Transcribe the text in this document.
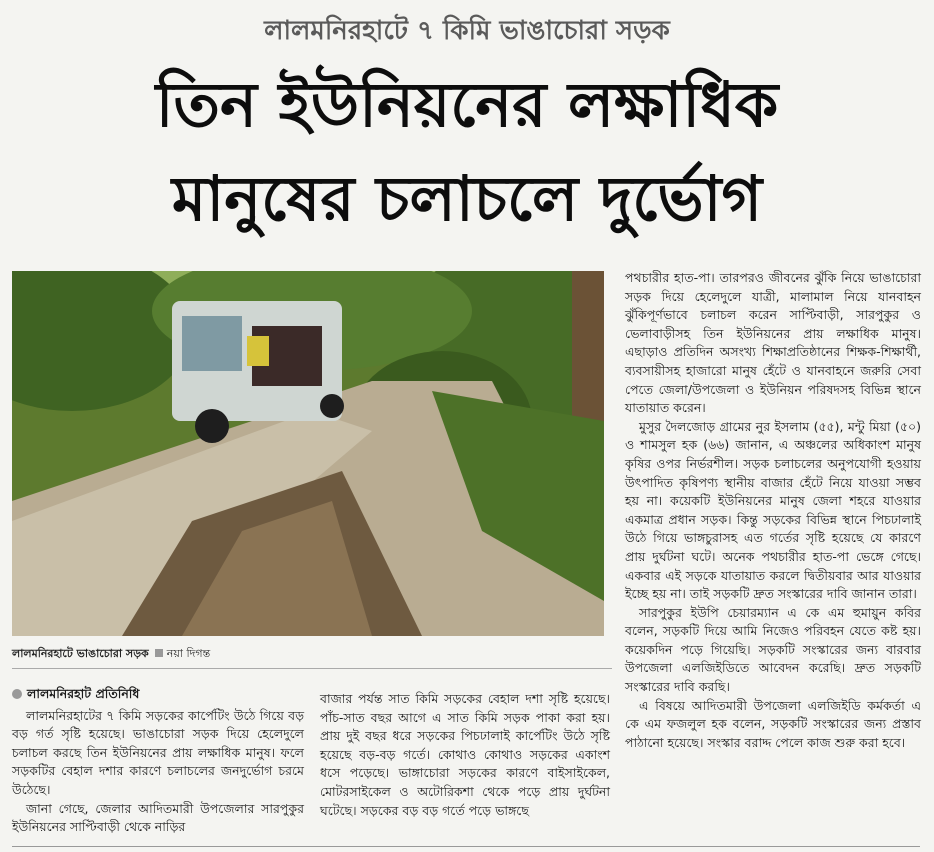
লালমনিরহাটে ৭ কিমি ভাঙাচোরা সড়ক
তিন ইউনিয়নের লক্ষাধিক
মানুষের চলাচলে দুর্ভোগ
লালমনিরহাটে ভাঙাচোরা সড়ক নয়া দিগন্ত
লালমনিরহাট প্রতিনিধি

লালমনিরহাটের ৭ কিমি সড়কের কার্পেটিং উঠে গিয়ে বড় বড় গর্ত সৃষ্টি হয়েছে। ভাঙাচোরা সড়ক দিয়ে হেলেদুলে চলাচল করছে তিন ইউনিয়নের প্রায় লক্ষাধিক মানুষ। ফলে সড়কটির বেহাল দশার কারণে চলাচলের জনদুর্ভোগ চরমে উঠেছে।

জানা গেছে, জেলার আদিতমারী উপজেলার সারপুকুর ইউনিয়নের সাপ্টিবাড়ী থেকে নাড়ির

বাজার পর্যন্ত সাত কিমি সড়কের বেহাল দশা সৃষ্টি হয়েছে। পাঁচ-সাত বছর আগে এ সাত কিমি সড়ক পাকা করা হয়। প্রায় দুই বছর ধরে সড়কের পিচঢালাই কার্পেটিং উঠে সৃষ্টি হয়েছে বড়-বড় গর্তে। কোথাও কোথাও সড়কের একাংশ ধসে পড়েছে। ভাঙ্গাচোরা সড়কের কারণে বাইসাইকেল, মোটরসাইকেল ও অটোরিকশা থেকে পড়ে প্রায় দুর্ঘটনা ঘটেছে। সড়কের বড় বড় গর্তে পড়ে ভাঙ্গছে

পথচারীর হাত-পা। তারপরও জীবনের ঝুঁকি নিয়ে ভাঙাচোরা সড়ক দিয়ে হেলেদুলে যাত্রী, মালামাল নিয়ে যানবাহন ঝুঁকিপূর্ণভাবে চলাচল করেন সাপ্টিবাড়ী, সারপুকুর ও ভেলাবাড়ীসহ তিন ইউনিয়নের প্রায় লক্ষাধিক মানুষ। এছাড়াও প্রতিদিন অসংখ্য শিক্ষাপ্রতিষ্ঠানের শিক্ষক-শিক্ষার্থী, ব্যবসায়ীসহ হাজারো মানুষ হেঁটে ও যানবাহনে জরুরি সেবা পেতে জেলা/উপজেলা ও ইউনিয়ন পরিষদসহ বিভিন্ন স্থানে যাতায়াত করেন।

মুসুর দৈলজোড় গ্রামের নুর ইসলাম (৫৫), মন্টু মিয়া (৫০) ও শামসুল হক (৬৬) জানান, এ অঞ্চলের অধিকাংশ মানুষ কৃষির ওপর নির্ভরশীল। সড়ক চলাচলের অনুপযোগী হওয়ায় উৎপাদিত কৃষিপণ্য স্থানীয় বাজার হেঁটে নিয়ে যাওয়া সম্ভব হয় না। কয়েকটি ইউনিয়নের মানুষ জেলা শহরে যাওয়ার একমাত্র প্রধান সড়ক। কিন্তু সড়কের বিভিন্ন স্থানে পিচঢালাই উঠে গিয়ে ভাঙ্গচুরাসহ এত গর্তের সৃষ্টি হয়েছে যে কারণে প্রায় দুর্ঘটনা ঘটে। অনেক পথচারীর হাত-পা ভেঙ্গে গেছে। একবার এই সড়কে যাতায়াত করলে দ্বিতীয়বার আর যাওয়ার ইচ্ছে হয় না। তাই সড়কটি দ্রুত সংস্কারের দাবি জানান তারা।

সারপুকুর ইউপি চেয়ারম্যান এ কে এম হুমায়ুন কবির বলেন, সড়কটি দিয়ে আমি নিজেও পরিবহন যেতে কষ্ট হয়। কয়েকদিন পড়ে গিয়েছি। সড়কটি সংস্কারের জন্য বারবার উপজেলা এলজিইডিতে আবেদন করেছি। দ্রুত সড়কটি সংস্কারের দাবি করছি।

এ বিষয়ে আদিতমারী উপজেলা এলজিইডি কর্মকর্তা এ কে এম ফজলুল হক বলেন, সড়কটি সংস্কারের জন্য প্রস্তাব পাঠানো হয়েছে। সংস্কার বরাদ্দ পেলে কাজ শুরু করা হবে।
